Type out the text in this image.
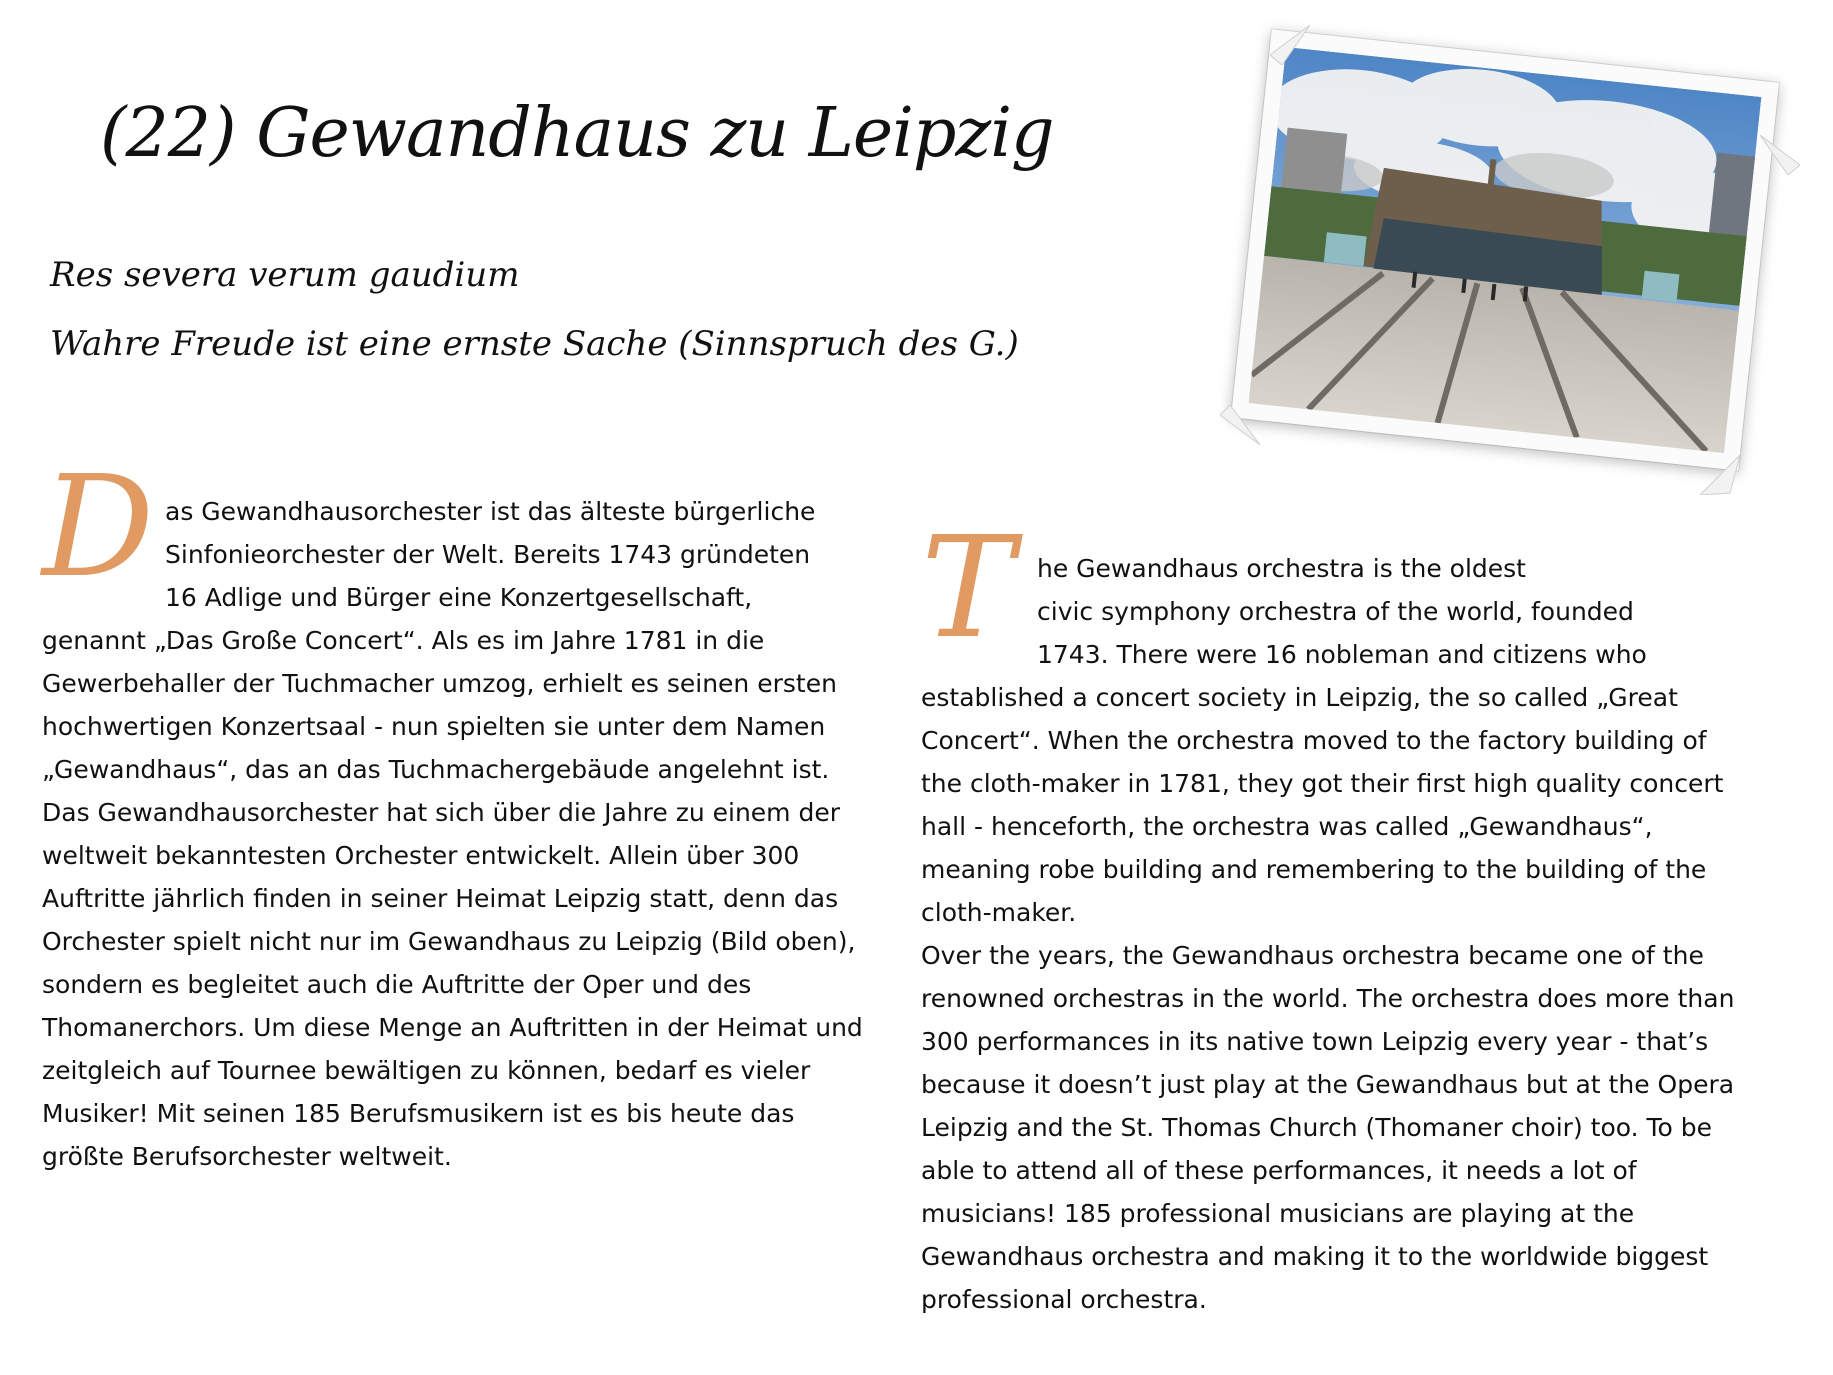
(22) Gewandhaus zu Leipzig

Res severa verum gaudium

Wahre Freude ist eine ernste Sache (Sinnspruch des G.)

D as Gewandhausorchester ist das älteste bürgerliche
Sinfonieorchester der Welt. Bereits 1743 gründeten
16 Adlige und Bürger eine Konzertgesellschaft,

genannt „Das Große Concert“. Als es im Jahre 1781 in die Gewerbehaller der Tuchmacher umzog, erhielt es seinen ersten hochwertigen Konzertsaal - nun spielten sie unter dem Namen „Gewandhaus“, das an das Tuchmachergebäude angelehnt ist.

Das Gewandhausorchester hat sich über die Jahre zu einem der weltweit bekanntesten Orchester entwickelt. Allein über 300 Auftritte jährlich finden in seiner Heimat Leipzig statt, denn das Orchester spielt nicht nur im Gewandhaus zu Leipzig (Bild oben), sondern es begleitet auch die Auftritte der Oper und des Thomanerchors. Um diese Menge an Auftritten in der Heimat und zeitgleich auf Tournee bewältigen zu können, bedarf es vieler Musiker! Mit seinen 185 Berufsmusikern ist es bis heute das größte Berufsorchester weltweit.

T he Gewandhaus orchestra is the oldest
civic symphony orchestra of the world, founded
1743. There were 16 nobleman and citizens who

established a concert society in Leipzig, the so called „Great Concert“. When the orchestra moved to the factory building of the cloth-maker in 1781, they got their first high quality concert hall - henceforth, the orchestra was called „Gewandhaus“, meaning robe building and remembering to the building of the cloth-maker.

Over the years, the Gewandhaus orchestra became one of the renowned orchestras in the world. The orchestra does more than 300 performances in its native town Leipzig every year - that’s because it doesn’t just play at the Gewandhaus but at the Opera Leipzig and the St. Thomas Church (Thomaner choir) too. To be able to attend all of these performances, it needs a lot of musicians! 185 professional musicians are playing at the Gewandhaus orchestra and making it to the worldwide biggest professional orchestra.
